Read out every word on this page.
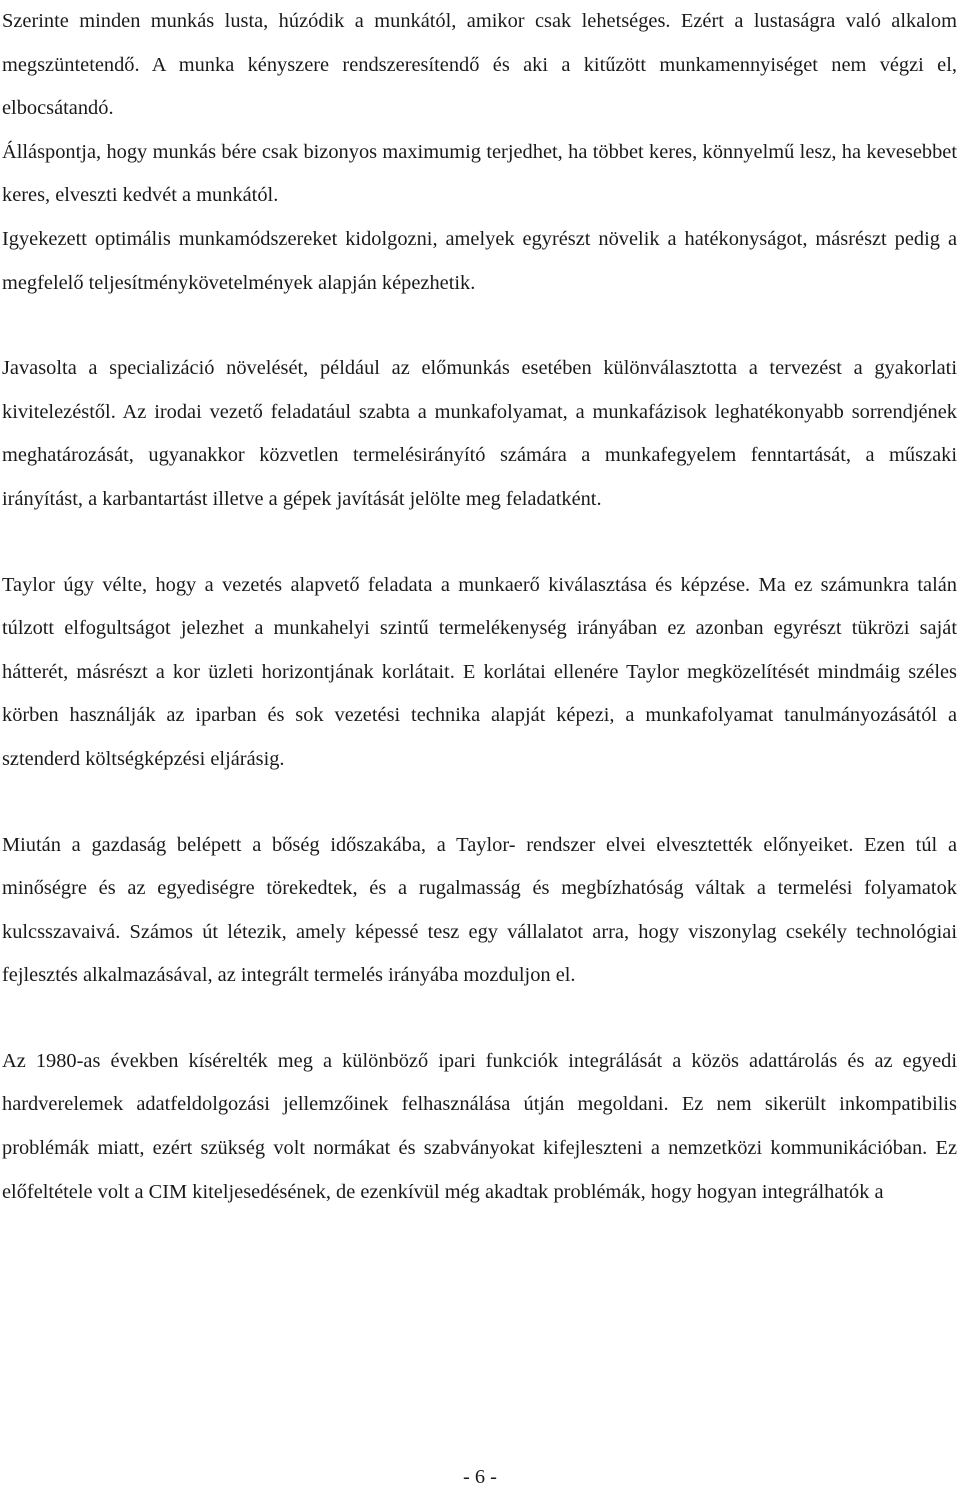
Szerinte minden munkás lusta, húzódik a munkától, amikor csak lehetséges. Ezért a lustaságra való alkalom megszüntetendő. A munka kényszere rendszeresítendő és aki a kitűzött munkamennyiséget nem végzi el, elbocsátandó.

Álláspontja, hogy munkás bére csak bizonyos maximumig terjedhet, ha többet keres, könnyelmű lesz, ha kevesebbet keres, elveszti kedvét a munkától.

Igyekezett optimális munkamódszereket kidolgozni, amelyek egyrészt növelik a hatékonyságot, másrészt pedig a megfelelő teljesítménykövetelmények alapján képezhetik.

Javasolta a specializáció növelését, például az előmunkás esetében különválasztotta a tervezést a gyakorlati kivitelezéstől. Az irodai vezető feladatául szabta a munkafolyamat, a munkafázisok leghatékonyabb sorrendjének meghatározását, ugyanakkor közvetlen termelésirányító számára a munkafegyelem fenntartását, a műszaki irányítást, a karbantartást illetve a gépek javítását jelölte meg feladatként.

Taylor úgy vélte, hogy a vezetés alapvető feladata a munkaerő kiválasztása és képzése. Ma ez számunkra talán túlzott elfogultságot jelezhet a munkahelyi szintű termelékenység irányában ez azonban egyrészt tükrözi saját hátterét, másrészt a kor üzleti horizontjának korlátait. E korlátai ellenére Taylor megközelítését mindmáig széles körben használják az iparban és sok vezetési technika alapját képezi, a munkafolyamat tanulmányozásától a sztenderd költségképzési eljárásig.

Miután a gazdaság belépett a bőség időszakába, a Taylor- rendszer elvei elvesztették előnyeiket. Ezen túl a minőségre és az egyediségre törekedtek, és a rugalmasság és megbízhatóság váltak a termelési folyamatok kulcsszavaivá. Számos út létezik, amely képessé tesz egy vállalatot arra, hogy viszonylag csekély technológiai fejlesztés alkalmazásával, az integrált termelés irányába mozduljon el.

Az 1980-as években kísérelték meg a különböző ipari funkciók integrálását a közös adattárolás és az egyedi hardverelemek adatfeldolgozási jellemzőinek felhasználása útján megoldani. Ez nem sikerült inkompatibilis problémák miatt, ezért szükség volt normákat és szabványokat kifejleszteni a nemzetközi kommunikációban. Ez előfeltétele volt a CIM kiteljesedésének, de ezenkívül még akadtak problémák, hogy hogyan integrálhatók a

- 6 -
